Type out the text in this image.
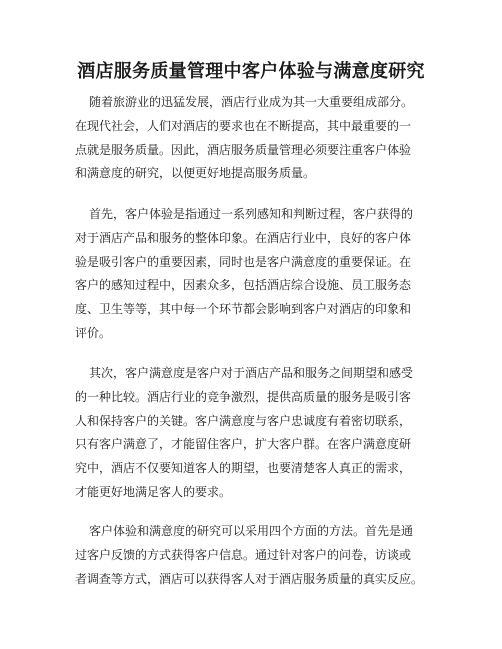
酒店服务质量管理中客户体验与满意度研究
随着旅游业的迅猛发展，酒店行业成为其一大重要组成部分。
在现代社会，人们对酒店的要求也在不断提高，其中最重要的一
点就是服务质量。因此，酒店服务质量管理必须要注重客户体验
和满意度的研究，以便更好地提高服务质量。
首先，客户体验是指通过一系列感知和判断过程，客户获得的
对于酒店产品和服务的整体印象。在酒店行业中，良好的客户体
验是吸引客户的重要因素，同时也是客户满意度的重要保证。在
客户的感知过程中，因素众多，包括酒店综合设施、员工服务态
度、卫生等等，其中每一个环节都会影响到客户对酒店的印象和
评价。
其次，客户满意度是客户对于酒店产品和服务之间期望和感受
的一种比较。酒店行业的竞争激烈，提供高质量的服务是吸引客
人和保持客户的关键。客户满意度与客户忠诚度有着密切联系，
只有客户满意了，才能留住客户，扩大客户群。在客户满意度研
究中，酒店不仅要知道客人的期望，也要清楚客人真正的需求，
才能更好地满足客人的要求。
客户体验和满意度的研究可以采用四个方面的方法。首先是通
过客户反馈的方式获得客户信息。通过针对客户的问卷，访谈或
者调查等方式，酒店可以获得客人对于酒店服务质量的真实反应。
